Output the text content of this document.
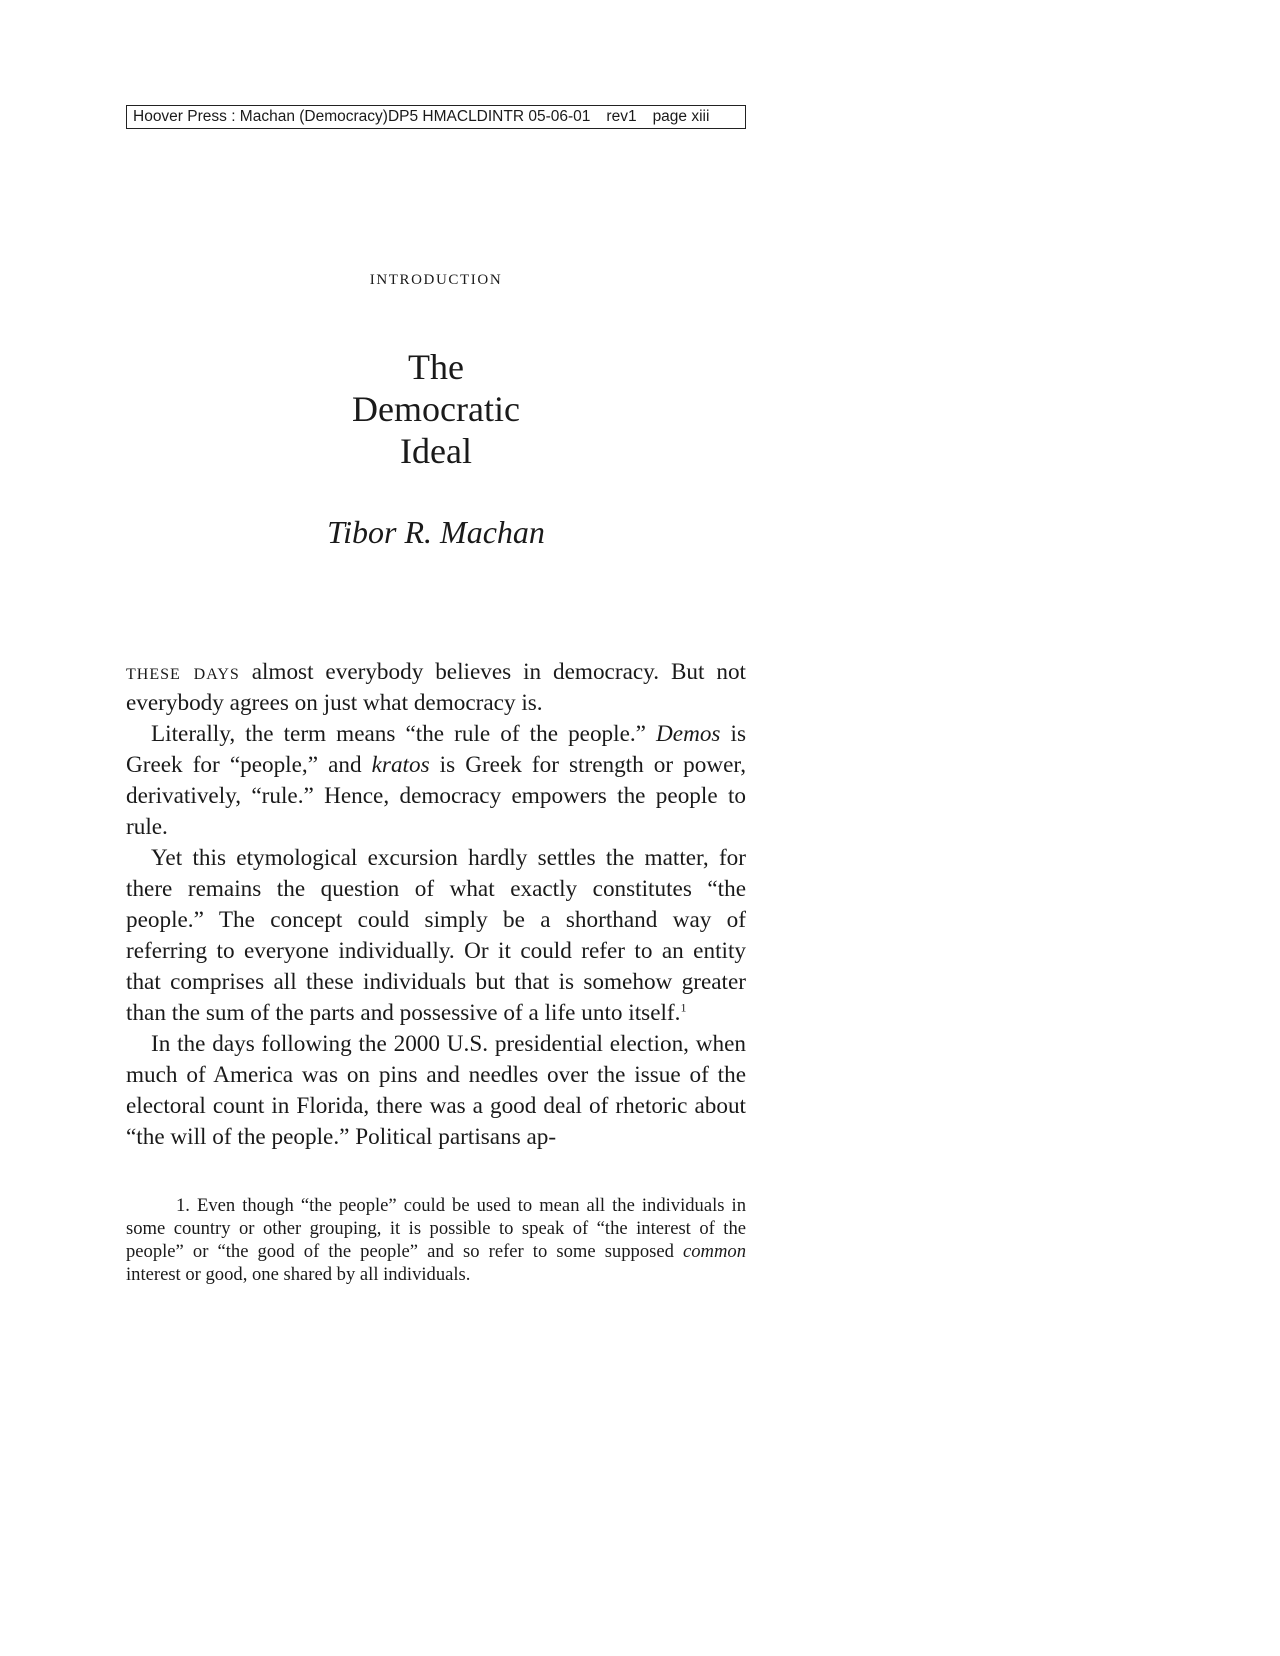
Hoover Press : Machan (Democracy)DP5 HMACLDINTR 05-06-01 rev1 page xiii
INTRODUCTION
The
Democratic
Ideal
Tibor R. Machan

these days almost everybody believes in democracy. But not everybody agrees on just what democracy is.

Literally, the term means “the rule of the people.” Demos is Greek for “people,” and kratos is Greek for strength or power, derivatively, “rule.” Hence, democracy empowers the people to rule.

Yet this etymological excursion hardly settles the matter, for there remains the question of what exactly constitutes “the people.” The concept could simply be a shorthand way of referring to everyone individually. Or it could refer to an entity that comprises all these individuals but that is somehow greater than the sum of the parts and possessive of a life unto itself.$^1$

In the days following the 2000 U.S. presidential election, when much of America was on pins and needles over the issue of the electoral count in Florida, there was a good deal of rhetoric about “the will of the people.” Political partisans ap-

1. Even though “the people” could be used to mean all the individuals in some country or other grouping, it is possible to speak of “the interest of the people” or “the good of the people” and so refer to some supposed common interest or good, one shared by all individuals.
